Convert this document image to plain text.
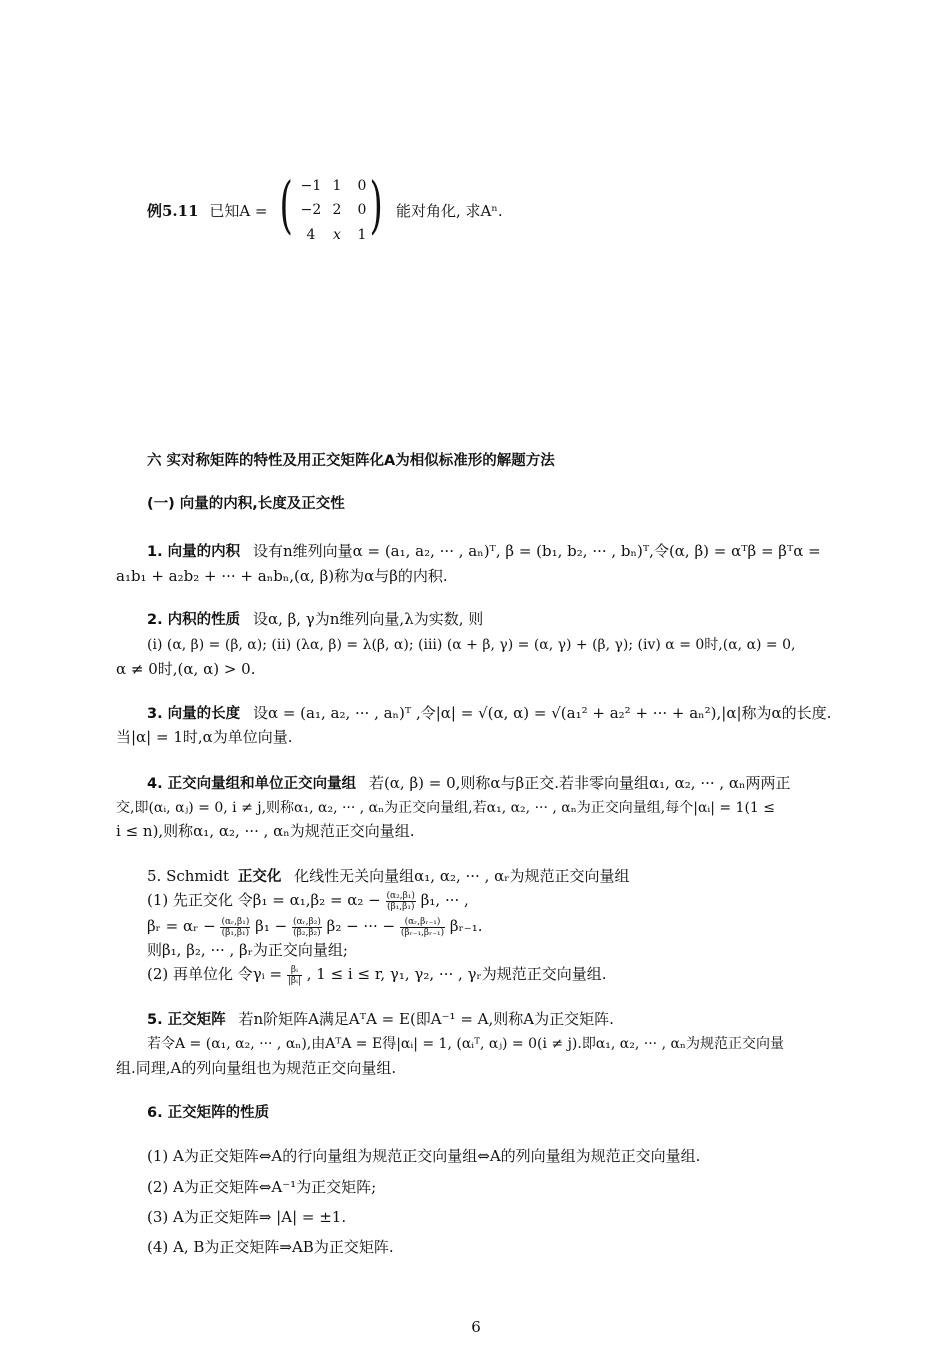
例5.11 已知A = ( )
−1 1	0
−2 2	0
4	x	1
能对角化, 求Aⁿ.
六 实对称矩阵的特性及用正交矩阵化A为相似标准形的解题方法
(一) 向量的内积,长度及正交性
1. 向量的内积 设有n维列向量α = (a₁, a₂, ··· , aₙ)ᵀ, β = (b₁, b₂, ··· , bₙ)ᵀ,令(α, β) = αᵀβ = βᵀα =
a₁b₁ + a₂b₂ + ··· + aₙbₙ,(α, β)称为α与β的内积.
2. 内积的性质 设α, β, γ为n维列向量,λ为实数, 则
(i) (α, β) = (β, α); (ii) (λα, β) = λ(β, α); (iii) (α + β, γ) = (α, γ) + (β, γ); (iv) α = 0时,(α, α) = 0,
α ≠ 0时,(α, α) > 0.
3. 向量的长度 设α = (a₁, a₂, ··· , aₙ)ᵀ ,令|α| = √(α, α) = √(a₁² + a₂² + ··· + aₙ²),|α|称为α的长度.
当|α| = 1时,α为单位向量.
4. 正交向量组和单位正交向量组 若(α, β) = 0,则称α与β正交.若非零向量组α₁, α₂, ··· , αₙ两两正
交,即(αᵢ, αⱼ) = 0, i ≠ j,则称α₁, α₂, ··· , αₙ为正交向量组,若α₁, α₂, ··· , αₙ为正交向量组,每个|αᵢ| = 1(1 ≤
i ≤ n),则称α₁, α₂, ··· , αₙ为规范正交向量组.
5. Schmidt 正交化 化线性无关向量组α₁, α₂, ··· , αᵣ为规范正交向量组
(1) 先正交化 令$\beta_1 = \alpha_1,\beta_2 = \alpha_2 - \frac{\text{(α₂,β₁)}}{\text{(β₁,β₁)}} \beta_1$, ··· ,
βᵣ = αᵣ − $\frac{\text{(αᵣ,β₁)}}{\text{(β₁,β₁)}} \beta_1 - \frac{\text{(αᵣ,β₂)}}{\text{(β₂,β₂)}} \beta_2$ − ··· − $\frac{\text{(αᵣ,βᵣ₋₁)}}{\text{(βᵣ₋₁,βᵣ₋₁)}}$ βᵣ₋₁.
则β₁, β₂, ··· , βᵣ为正交向量组;
(2) 再单位化 令γᵢ = $\frac{\text{βᵢ}}{\text{|βᵢ|}}$ , 1 ≤ i ≤ r, γ₁, γ₂, ··· , γᵣ为规范正交向量组.
5. 正交矩阵 若n阶矩阵A满足AᵀA = E(即A⁻¹ = A,则称A为正交矩阵.
若令A = (α₁, α₂, ··· , αₙ),由AᵀA = E得|αᵢ| = 1, (αᵢᵀ, αⱼ) = 0(i ≠ j).即α₁, α₂, ··· , αₙ为规范正交向量
组.同理,A的列向量组也为规范正交向量组.
6. 正交矩阵的性质
(1) A为正交矩阵⇔A的行向量组为规范正交向量组⇔A的列向量组为规范正交向量组.
(2) A为正交矩阵⇔A⁻¹为正交矩阵;
(3) A为正交矩阵⇒ |A| = ±1.
(4) A, B为正交矩阵⇒AB为正交矩阵.
6
